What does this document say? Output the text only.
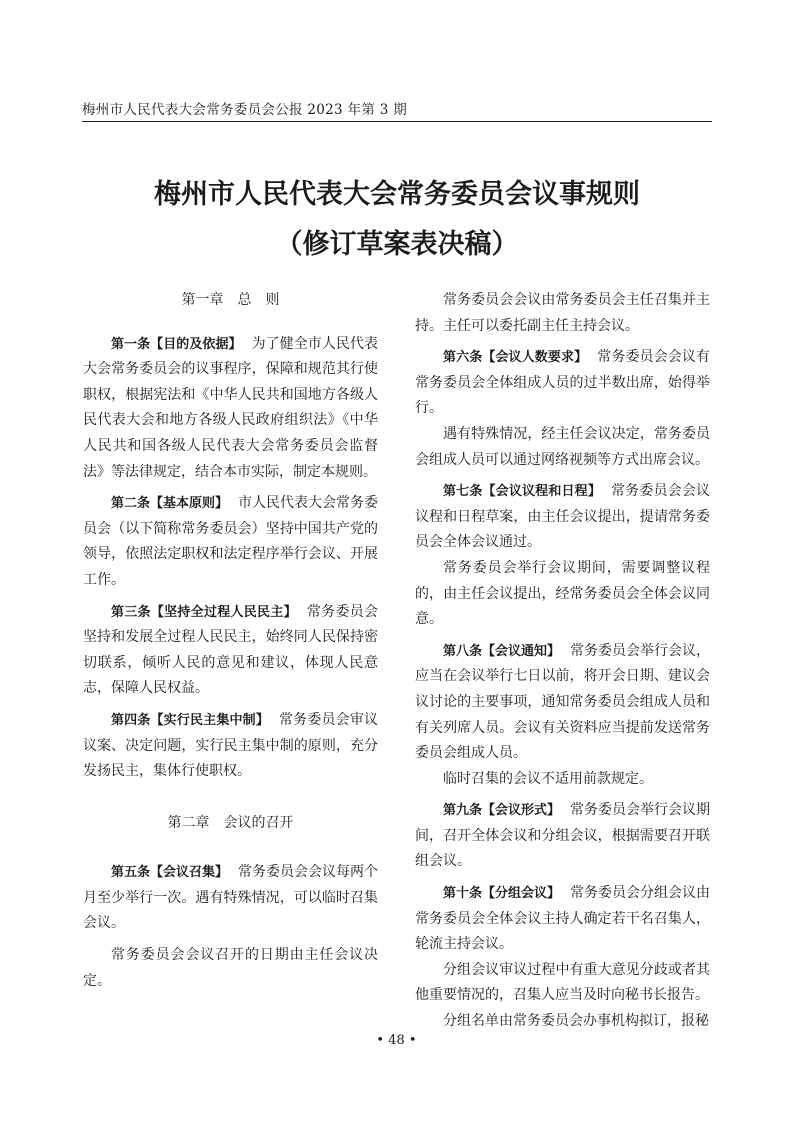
梅州市人民代表大会常务委员会公报 2023 年第 3 期
梅州市人民代表大会常务委员会议事规则
（修订草案表决稿）
第一章　总　则

第一条【目的及依据】 为了健全市人民代表大会常务委员会的议事程序，保障和规范其行使职权，根据宪法和《中华人民共和国地方各级人民代表大会和地方各级人民政府组织法》《中华人民共和国各级人民代表大会常务委员会监督法》等法律规定，结合本市实际，制定本规则。

第二条【基本原则】 市人民代表大会常务委员会（以下简称常务委员会）坚持中国共产党的领导，依照法定职权和法定程序举行会议、开展工作。

第三条【坚持全过程人民民主】 常务委员会坚持和发展全过程人民民主，始终同人民保持密切联系，倾听人民的意见和建议，体现人民意志，保障人民权益。

第四条【实行民主集中制】 常务委员会审议议案、决定问题，实行民主集中制的原则，充分发扬民主，集体行使职权。

第二章　会议的召开

第五条【会议召集】 常务委员会会议每两个月至少举行一次。遇有特殊情况，可以临时召集会议。

常务委员会会议召开的日期由主任会议决定。

常务委员会会议由常务委员会主任召集并主持。主任可以委托副主任主持会议。

第六条【会议人数要求】 常务委员会会议有常务委员会全体组成人员的过半数出席，始得举行。

遇有特殊情况，经主任会议决定，常务委员会组成人员可以通过网络视频等方式出席会议。

第七条【会议议程和日程】 常务委员会会议议程和日程草案，由主任会议提出，提请常务委员会全体会议通过。

常务委员会举行会议期间，需要调整议程的，由主任会议提出，经常务委员会全体会议同意。

第八条【会议通知】 常务委员会举行会议，应当在会议举行七日以前，将开会日期、建议会议讨论的主要事项，通知常务委员会组成人员和有关列席人员。会议有关资料应当提前发送常务委员会组成人员。

临时召集的会议不适用前款规定。

第九条【会议形式】 常务委员会举行会议期间，召开全体会议和分组会议，根据需要召开联组会议。

第十条【分组会议】 常务委员会分组会议由常务委员会全体会议主持人确定若干名召集人，轮流主持会议。

分组会议审议过程中有重大意见分歧或者其他重要情况的，召集人应当及时向秘书长报告。

分组名单由常务委员会办事机构拟订，报秘

• 48 •
